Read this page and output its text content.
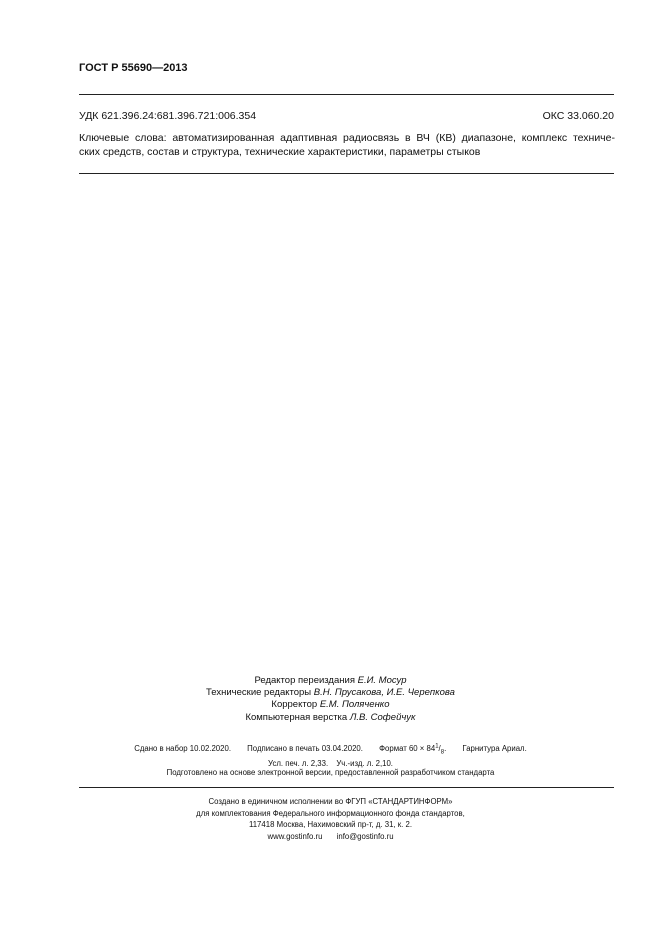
ГОСТ Р 55690—2013
УДК 621.396.24:681.396.721:006.354	ОКС 33.060.20
Ключевые слова: автоматизированная адаптивная радиосвязь в ВЧ (КВ) диапазоне, комплекс техниче-
ских средств, состав и структура, технические характеристики, параметры стыков
Редактор переиздания Е.И. Мосур
Технические редакторы В.Н. Прусакова, И.Е. Черепкова
Корректор Е.М. Поляченко
Компьютерная верстка Л.В. Софейчук
Сдано в набор 10.02.2020. Подписано в печать 03.04.2020. Формат $60 \times 84^1/_8$. Гарнитура Ариал.
Усл. печ. л. 2,33. Уч.-изд. л. 2,10.
Подготовлено на основе электронной версии, предоставленной разработчиком стандарта
Создано в единичном исполнении во ФГУП «СТАНДАРТИНФОРМ»
для комплектования Федерального информационного фонда стандартов,
117418 Москва, Нахимовский пр-т, д. 31, к. 2.
www.gostinfo.ru info@gostinfo.ru
